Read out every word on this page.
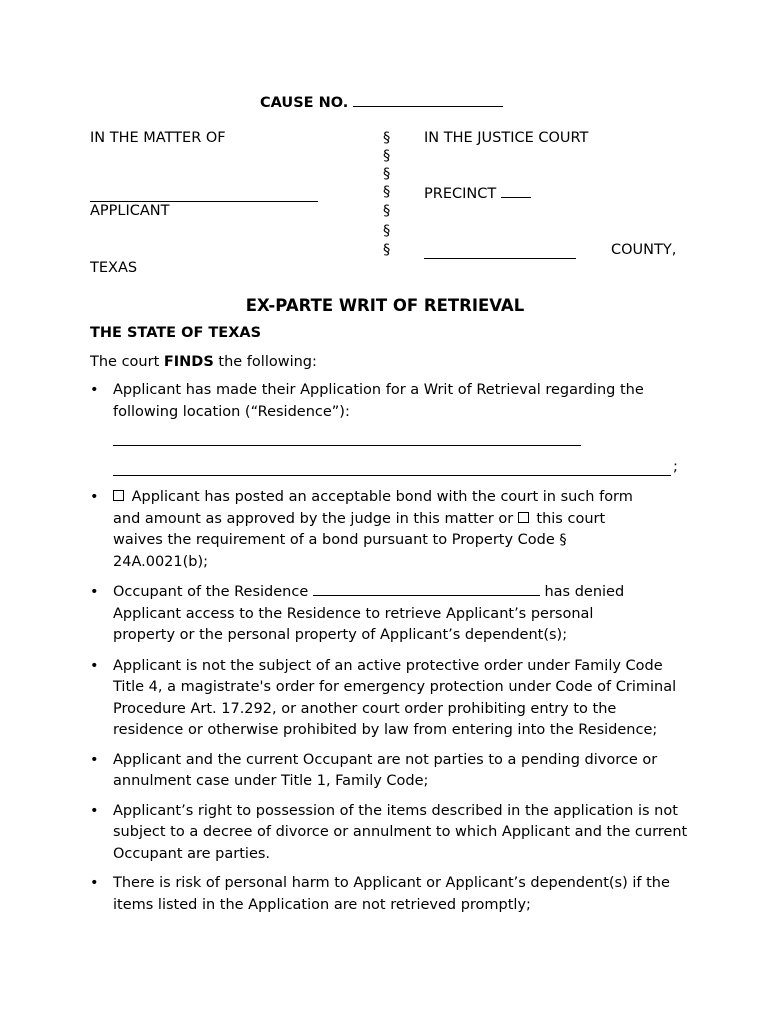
CAUSE NO.
IN THE MATTER OF
APPLICANT
TEXAS
§
§
§
§
§
§
§
IN THE JUSTICE COURT
PRECINCT
COUNTY,
EX-PARTE WRIT OF RETRIEVAL
THE STATE OF TEXAS
The court FINDS the following:
• Applicant has made their Application for a Writ of Retrieval regarding the
following location (“Residence”):
;
•	Applicant has posted an acceptable bond with the court in such form
and amount as approved by the judge in this matter or  this court
waives the requirement of a bond pursuant to Property Code §
24A.0021(b);
• Occupant of the Residence	has denied
Applicant access to the Residence to retrieve Applicant’s personal
property or the personal property of Applicant’s dependent(s);
• Applicant is not the subject of an active protective order under Family Code Title 4, a magistrate's order for emergency protection under Code of Criminal Procedure Art. 17.292, or another court order prohibiting entry to the residence or otherwise prohibited by law from entering into the Residence;
• Applicant and the current Occupant are not parties to a pending divorce or annulment case under Title 1, Family Code;
• Applicant’s right to possession of the items described in the application is not subject to a decree of divorce or annulment to which Applicant and the current Occupant are parties.
• There is risk of personal harm to Applicant or Applicant’s dependent(s) if the items listed in the Application are not retrieved promptly;
